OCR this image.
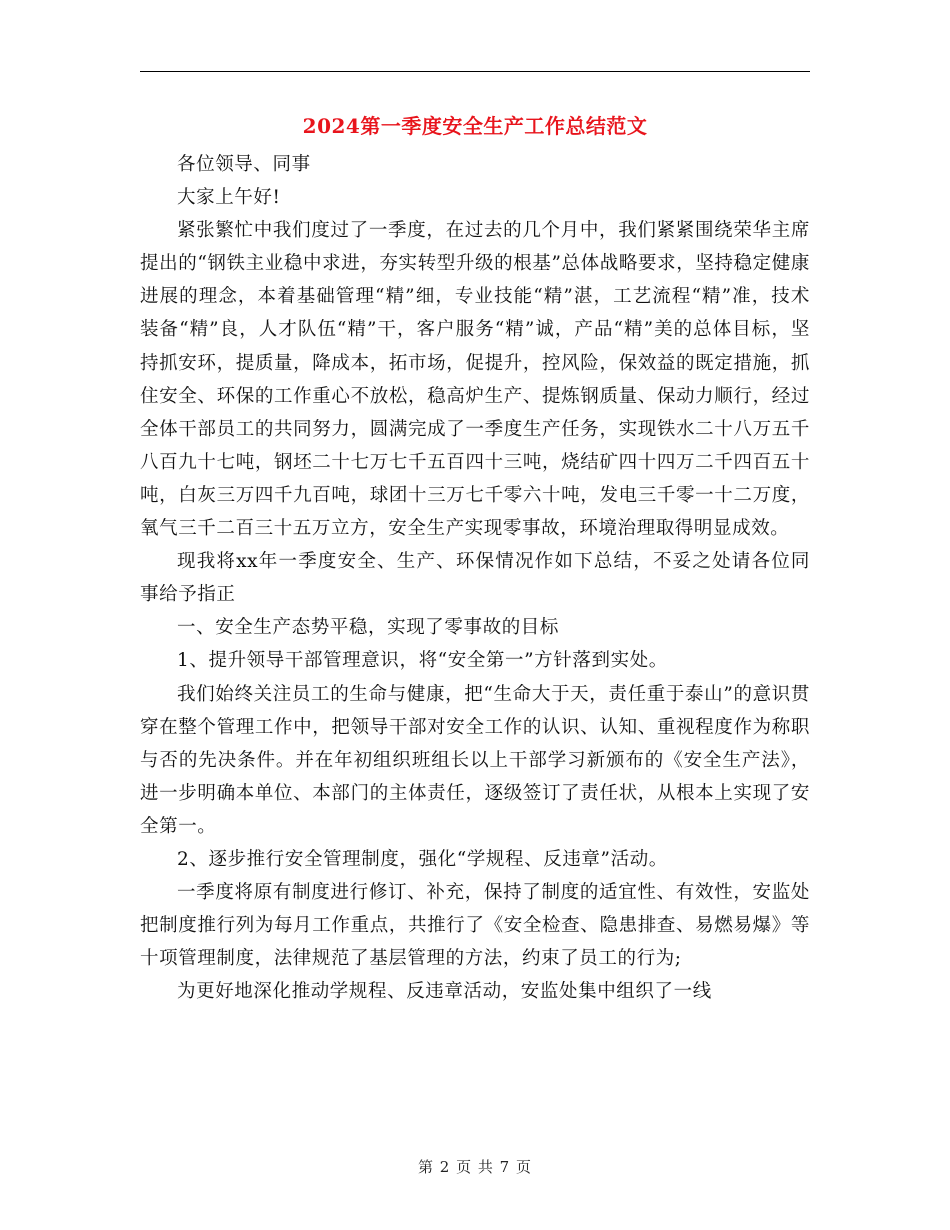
2024第一季度安全生产工作总结范文

各位领导、同事

大家上午好!

紧张繁忙中我们度过了一季度，在过去的几个月中，我们紧紧围绕荣华主席提出的“钢铁主业稳中求进，夯实转型升级的根基”总体战略要求，坚持稳定健康进展的理念，本着基础管理“精”细，专业技能“精”湛，工艺流程“精”准，技术装备“精”良，人才队伍“精”干，客户服务“精”诚，产品“精”美的总体目标，坚持抓安环，提质量，降成本，拓市场，促提升，控风险，保效益的既定措施，抓住安全、环保的工作重心不放松，稳高炉生产、提炼钢质量、保动力顺行，经过全体干部员工的共同努力，圆满完成了一季度生产任务，实现铁水二十八万五千八百九十七吨，钢坯二十七万七千五百四十三吨，烧结矿四十四万二千四百五十吨，白灰三万四千九百吨，球团十三万七千零六十吨，发电三千零一十二万度，氧气三千二百三十五万立方，安全生产实现零事故，环境治理取得明显成效。

现我将xx年一季度安全、生产、环保情况作如下总结，不妥之处请各位同事给予指正

一、安全生产态势平稳，实现了零事故的目标

1、提升领导干部管理意识，将“安全第一”方针落到实处。

我们始终关注员工的生命与健康，把“生命大于天，责任重于泰山”的意识贯穿在整个管理工作中，把领导干部对安全工作的认识、认知、重视程度作为称职与否的先决条件。并在年初组织班组长以上干部学习新颁布的《安全生产法》，进一步明确本单位、本部门的主体责任，逐级签订了责任状，从根本上实现了安全第一。

2、逐步推行安全管理制度，强化“学规程、反违章”活动。

一季度将原有制度进行修订、补充，保持了制度的适宜性、有效性，安监处把制度推行列为每月工作重点，共推行了《安全检查、隐患排查、易燃易爆》等十项管理制度，法律规范了基层管理的方法，约束了员工的行为;

为更好地深化推动学规程、反违章活动，安监处集中组织了一线

第 2 页 共 7 页
